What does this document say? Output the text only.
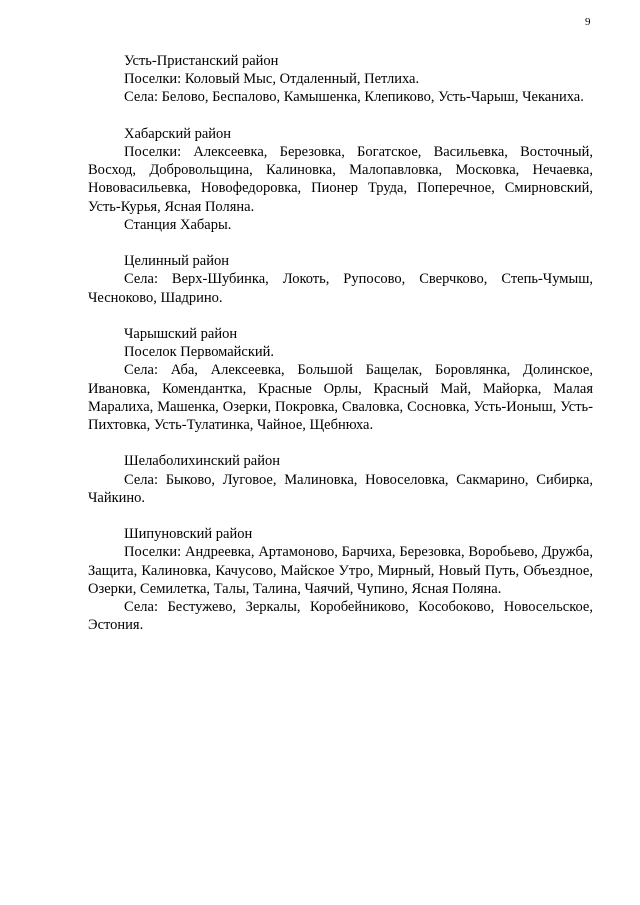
9

Усть-Пристанский район

Поселки: Коловый Мыс, Отдаленный, Петлиха.

Села: Белово, Беспалово, Камышенка, Клепиково, Усть-Чарыш, Чеканиха.

Хабарский район

Поселки: Алексеевка, Березовка, Богатское, Васильевка, Восточный, Восход, Добровольщина, Калиновка, Малопавловка, Московка, Нечаевка, Нововасильевка, Новофедоровка, Пионер Труда, Поперечное, Смирновский, Усть-Курья, Ясная Поляна.

Станция Хабары.

Целинный район

Села: Верх-Шубинка, Локоть, Рупосово, Сверчково, Степь-Чумыш, Чесноково, Шадрино.

Чарышский район

Поселок Первомайский.

Села: Аба, Алексеевка, Большой Бащелак, Боровлянка, Долинское, Ивановка, Комендантка, Красные Орлы, Красный Май, Майорка, Малая Маралиха, Машенка, Озерки, Покровка, Сваловка, Сосновка, Усть-Ионыш, Усть-Пихтовка, Усть-Тулатинка, Чайное, Щебнюха.

Шелаболихинский район

Села: Быково, Луговое, Малиновка, Новоселовка, Сакмарино, Сибирка, Чайкино.

Шипуновский район

Поселки: Андреевка, Артамоново, Барчиха, Березовка, Воробьево, Дружба, Защита, Калиновка, Качусово, Майское Утро, Мирный, Новый Путь, Объездное, Озерки, Семилетка, Талы, Талина, Чаячий, Чупино, Ясная Поляна.

Села: Бестужево, Зеркалы, Коробейниково, Кособоково, Новосельское, Эстония.
